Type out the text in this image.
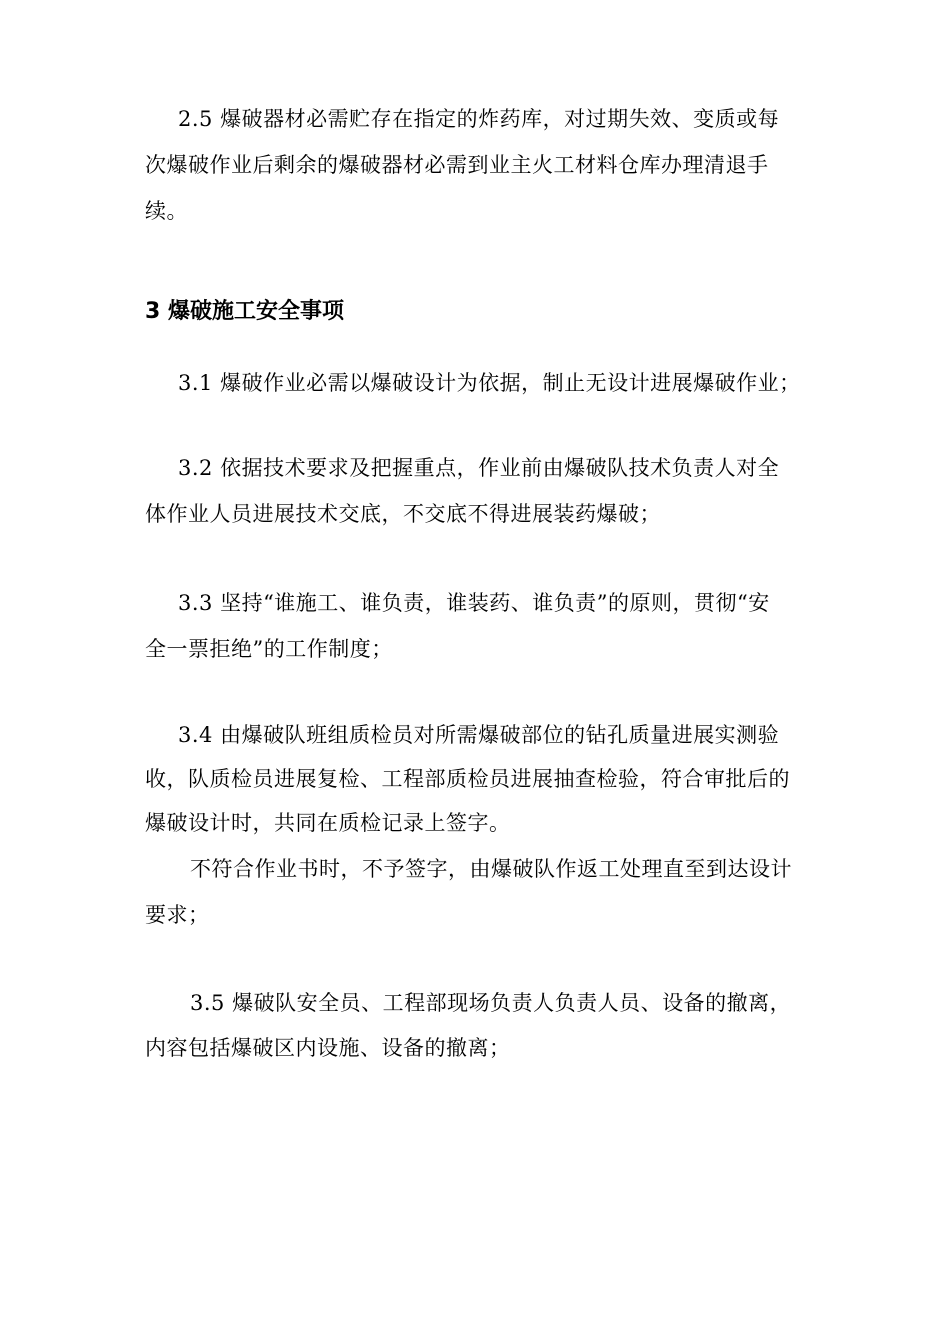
2.5 爆破器材必需贮存在指定的炸药库，对过期失效、变质或每
次爆破作业后剩余的爆破器材必需到业主火工材料仓库办理清退手
续。
3 爆破施工安全事项
3.1 爆破作业必需以爆破设计为依据，制止无设计进展爆破作业；
3.2 依据技术要求及把握重点，作业前由爆破队技术负责人对全
体作业人员进展技术交底，不交底不得进展装药爆破；
3.3 坚持“谁施工、谁负责，谁装药、谁负责”的原则，贯彻“安
全一票拒绝”的工作制度；
3.4 由爆破队班组质检员对所需爆破部位的钻孔质量进展实测验
收，队质检员进展复检、工程部质检员进展抽查检验，符合审批后的
爆破设计时，共同在质检记录上签字。
不符合作业书时，不予签字，由爆破队作返工处理直至到达设计
要求；
3.5 爆破队安全员、工程部现场负责人负责人员、设备的撤离，
内容包括爆破区内设施、设备的撤离；
